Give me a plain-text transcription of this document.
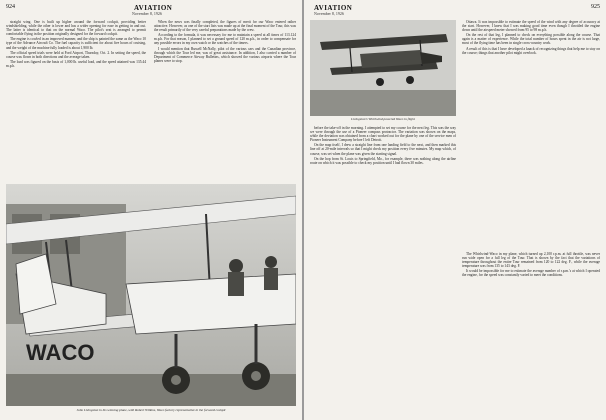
924	AVIATION
November 8, 1926

straight wing. One is built up higher around the forward cockpit, providing better windshielding, while the other is lower and has a wider opening for ease in getting in and out. The latter is identical to that on the normal Waco. The pilot's seat is arranged to permit comfortable flying in the position originally designed for the forward cockpit.

The engine is cowled in an improved manner, and the ship is painted the same as the Waco 10 type of the Advance Aircraft Co. The fuel capacity is sufficient for about five hours of cruising, and the weight of the machine fully loaded is about 1,900 lb.

The official speed trials were held at Ford Airport, Thursday, Oct. 2. In setting the speed, the course was flown in both directions and the average taken.

The load was figured on the basis of 1,000 lb. useful load, and the speed attained was 135.44 m.p.h.

When the news was finally completed, the figures of merit for our Waco entered rather attractive. However, as one of the start lists was made up at the final moment of the Tour, this was the result primarily of the very careful preparations made by the crew.

According to the formula, it was necessary for me to maintain a speed at all times of 113.124 m.p.h. For that reason, I planned to set a ground speed of 120 m.p.h., in order to compensate for any possible errors in my own watch or the watches of the timers.

I would mention that Russell McNally, pilot of the various cars and the Canadian province, through which the Tour led me, was of great assistance. In addition, I also carried a number of Department of Commerce Airway Bulletins, which showed the various airports where the Tour planes were to stop.

WACO
John Livingston in his winning plane, with Robert Wilkins, Waco factory representative in the forward cockpit
AVIATION
November 8, 1926
925
Livingston's Whirlwind powered Waco in flight

before the take-off in the morning. I attempted to set my course for the next leg. This was the way we were through the use of a Pioneer compass protractor. The variation was shown on the maps, while the deviation was obtained from a chart worked out for the plane by one of the service men of Pioneer Instrument Company before I left Detroit.

On the map itself, I drew a straight line from one landing field to the next, and then marked this line off at 20-mile intervals so that I might check my position every five minutes. My map which, of course, was set when the plane was given the starting signal.

On the hop from St. Louis to Springfield, Mo., for example, there was nothing along the airline route on which it was possible to check my position until I had flown 30 miles.

Ottawa. It was impossible to estimate the speed of the wind with any degree of accuracy at the start. However, I knew that I was making good time even though I throttled the engine down until the airspeed meter showed from 95 to 98 m.p.h.

On the rest of that leg, I planned to check on everything possible along the course. That again is a matter of experience. While the total number of hours spent in the air is not large, most of the flying time has been in single cross-country work.

A result of this is that I have developed a knack of recognizing things that help me to stay on the course; things that another pilot might overlook.

The Whirlwind-Waco in my plane, which turned up 2,100 r.p.m. at full throttle, was never run wide open for a full leg of the Tour. That is shown by the fact that the variations of temperature throughout the entire Tour remained from 120 to 122 deg. F., while the average temperature was from 135 to 143 deg. F.

It would be impossible for me to estimate the average number of r.p.m.'s at which I operated the engine, for the speed was constantly varied to meet the conditions.
